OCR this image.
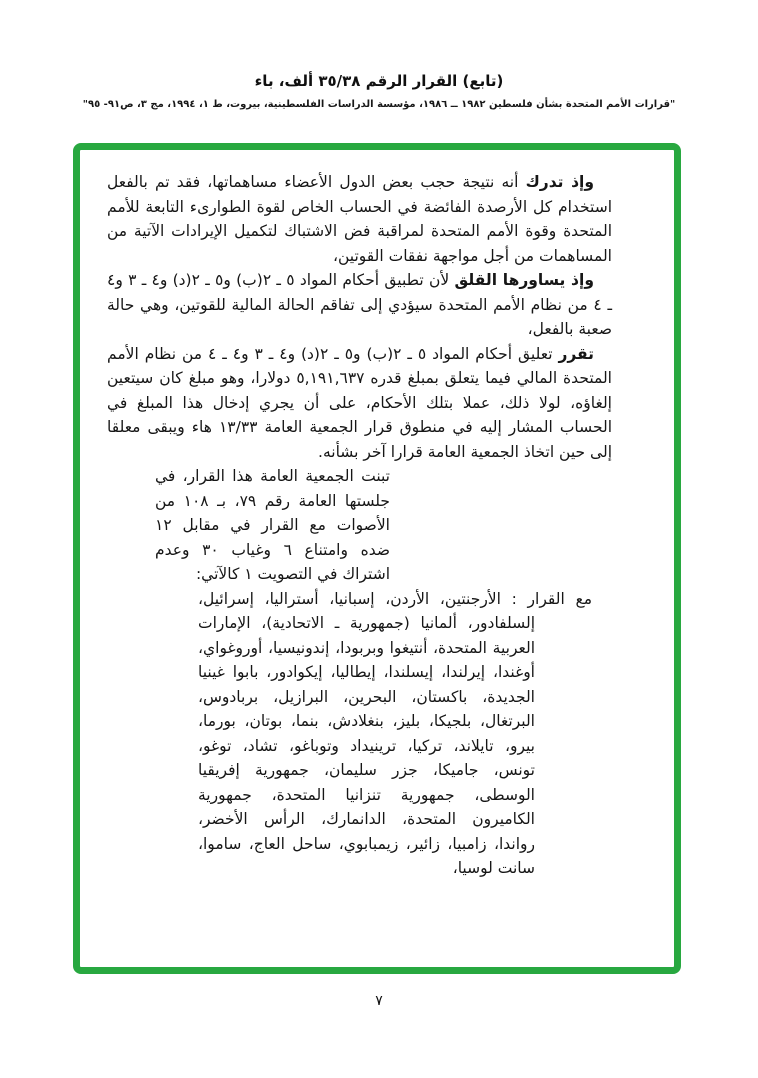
(تابع) القرار الرقم ٣٥/٣٨ ألف، باء
"قرارات الأمم المتحدة بشأن فلسطين ١٩٨٢ ــ ١٩٨٦، مؤسسة الدراسات الفلسطينية، بيروت، ط ١، ١٩٩٤، مج ٣، ص٩١- ٩٥"

وإذ تدرك أنه نتيجة حجب بعض الدول الأعضاء مساهماتها، فقد تم بالفعل استخدام كل الأرصدة الفائضة في الحساب الخاص لقوة الطوارىء التابعة للأمم المتحدة وقوة الأمم المتحدة لمراقبة فض الاشتباك لتكميل الإيرادات الآتية من المساهمات من أجل مواجهة نفقات القوتين،

وإذ يساورها القلق لأن تطبيق أحكام المواد ٥ ـ ٢(ب) و٥ ـ ٢(د) و٤ ـ ٣ و٤ ـ ٤ من نظام الأمم المتحدة سيؤدي إلى تفاقم الحالة المالية للقوتين، وهي حالة صعبة بالفعل،

تقرر تعليق أحكام المواد ٥ ـ ٢(ب) و٥ ـ ٢(د) و٤ ـ ٣ و٤ ـ ٤ من نظام الأمم المتحدة المالي فيما يتعلق بمبلغ قدره ٥,١٩١,٦٣٧ دولارا، وهو مبلغ كان سيتعين إلغاؤه، لولا ذلك، عملا بتلك الأحكام، على أن يجري إدخال هذا المبلغ في الحساب المشار إليه في منطوق قرار الجمعية العامة ١٣/٣٣ هاء ويبقى معلقا إلى حين اتخاذ الجمعية العامة قرارا آخر بشأنه.

تبنت الجمعية العامة هذا القرار، في جلستها العامة رقم ٧٩، بـ ١٠٨ من الأصوات مع القرار في مقابل ١٢ ضده وامتناع ٦ وغياب ٣٠ وعدم اشتراك في التصويت ١ كالآتي:
مع القرار : الأرجنتين، الأردن، إسبانيا، أستراليا، إسرائيل، إلسلفادور، ألمانيا (جمهورية ـ الاتحادية)، الإمارات العربية المتحدة، أنتيغوا وبربودا، إندونيسيا، أوروغواي، أوغندا، إيرلندا، إيسلندا، إيطاليا، إيكوادور، بابوا غينيا الجديدة، باكستان، البحرين، البرازيل، بربادوس، البرتغال، بلجيكا، بليز، بنغلادش، بنما، بوتان، بورما، بيرو، تايلاند، تركيا، ترينيداد وتوباغو، تشاد، توغو، تونس، جاميكا، جزر سليمان، جمهورية إفريقيا الوسطى، جمهورية تنزانيا المتحدة، جمهورية الكاميرون المتحدة، الدانمارك، الرأس الأخضر، رواندا، زامبيا، زائير، زيمبابوي، ساحل العاج، ساموا، سانت لوسيا،
٧
